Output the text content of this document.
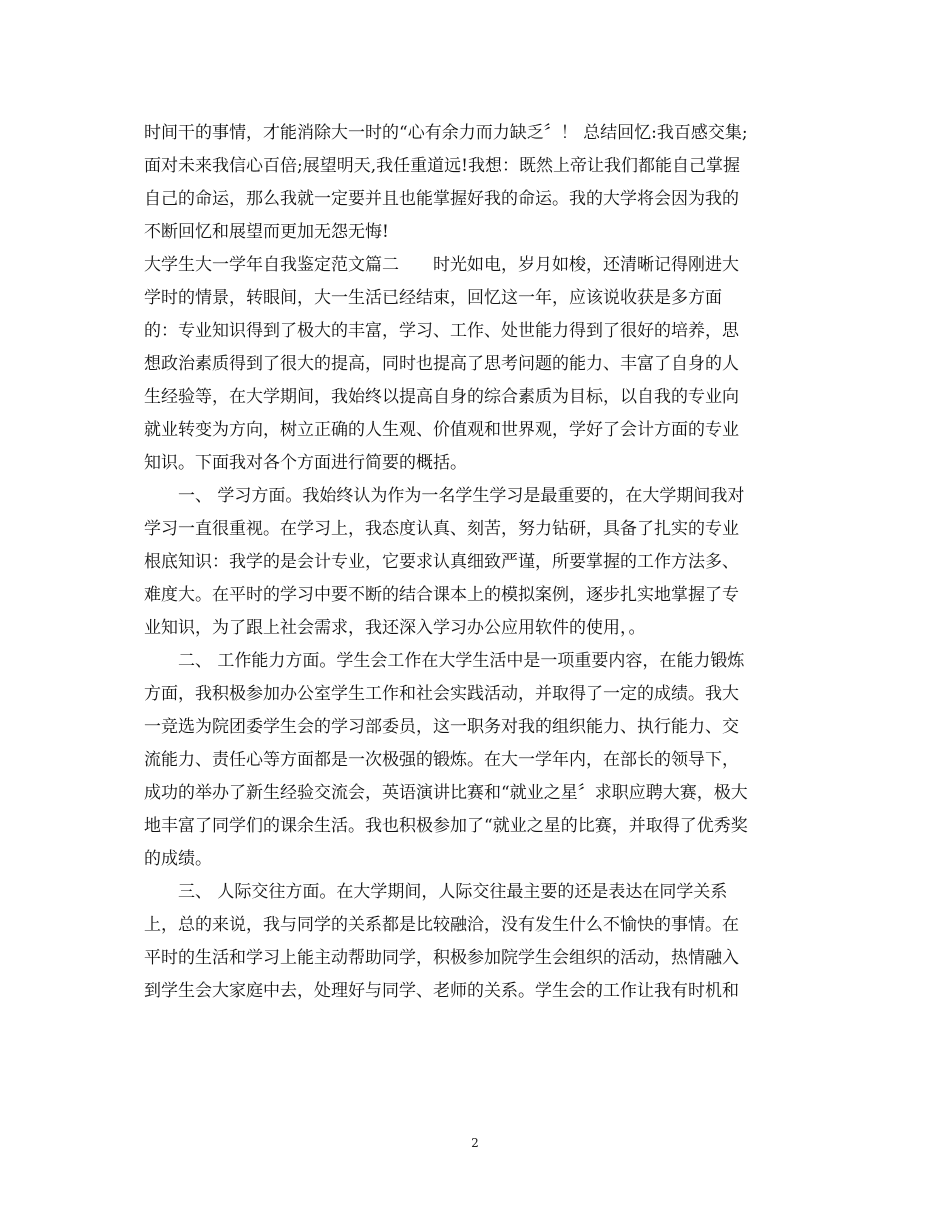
时间干的事情，才能消除大一时的“心有余力而力缺乏〞！ 总结回忆:我百感交集;
面对未来我信心百倍;展望明天,我任重道远!我想：既然上帝让我们都能自己掌握
自己的命运，那么我就一定要并且也能掌握好我的命运。我的大学将会因为我的
不断回忆和展望而更加无怨无悔!
大学生大一学年自我鉴定范文篇二　　时光如电，岁月如梭，还清晰记得刚进大
学时的情景，转眼间，大一生活已经结束，回忆这一年，应该说收获是多方面
的：专业知识得到了极大的丰富，学习、工作、处世能力得到了很好的培养，思
想政治素质得到了很大的提高，同时也提高了思考问题的能力、丰富了自身的人
生经验等，在大学期间，我始终以提高自身的综合素质为目标，以自我的专业向
就业转变为方向，树立正确的人生观、价值观和世界观，学好了会计方面的专业
知识。下面我对各个方面进行简要的概括。
一、 学习方面。我始终认为作为一名学生学习是最重要的，在大学期间我对
学习一直很重视。在学习上，我态度认真、刻苦，努力钻研，具备了扎实的专业
根底知识：我学的是会计专业，它要求认真细致严谨，所要掌握的工作方法多、
难度大。在平时的学习中要不断的结合课本上的模拟案例，逐步扎实地掌握了专
业知识，为了跟上社会需求，我还深入学习办公应用软件的使用，。
二、 工作能力方面。学生会工作在大学生活中是一项重要内容，在能力锻炼
方面，我积极参加办公室学生工作和社会实践活动，并取得了一定的成绩。我大
一竞选为院团委学生会的学习部委员，这一职务对我的组织能力、执行能力、交
流能力、责任心等方面都是一次极强的锻炼。在大一学年内，在部长的领导下，
成功的举办了新生经验交流会，英语演讲比赛和“就业之星〞求职应聘大赛，极大
地丰富了同学们的课余生活。我也积极参加了“就业之星的比赛，并取得了优秀奖
的成绩。
三、 人际交往方面。在大学期间，人际交往最主要的还是表达在同学关系
上，总的来说，我与同学的关系都是比较融洽，没有发生什么不愉快的事情。在
平时的生活和学习上能主动帮助同学，积极参加院学生会组织的活动，热情融入
到学生会大家庭中去，处理好与同学、老师的关系。学生会的工作让我有时机和
2
